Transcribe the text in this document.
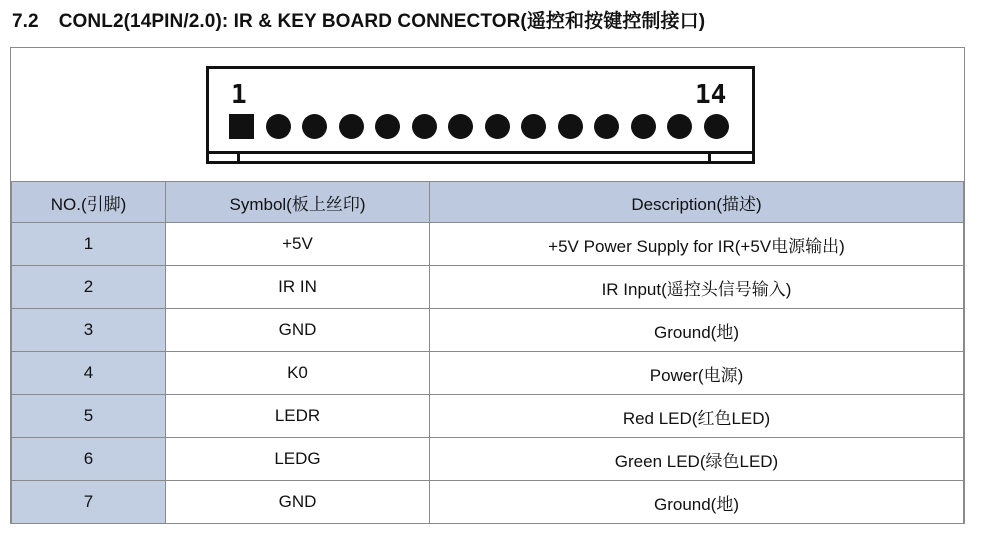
7.2 CONL2(14PIN/2.0): IR & KEY BOARD CONNECTOR(遥控和按键控制接口)
1	14
NO.(引脚)	Symbol(板上丝印)	Description(描述)
1	+5V	+5V Power Supply for IR(+5V电源输出)
2	IR IN	IR Input(遥控头信号输入)
3	GND	Ground(地)
4	K0	Power(电源)
5	LEDR	Red LED(红色LED)
6	LEDG	Green LED(绿色LED)
7	GND	Ground(地)
